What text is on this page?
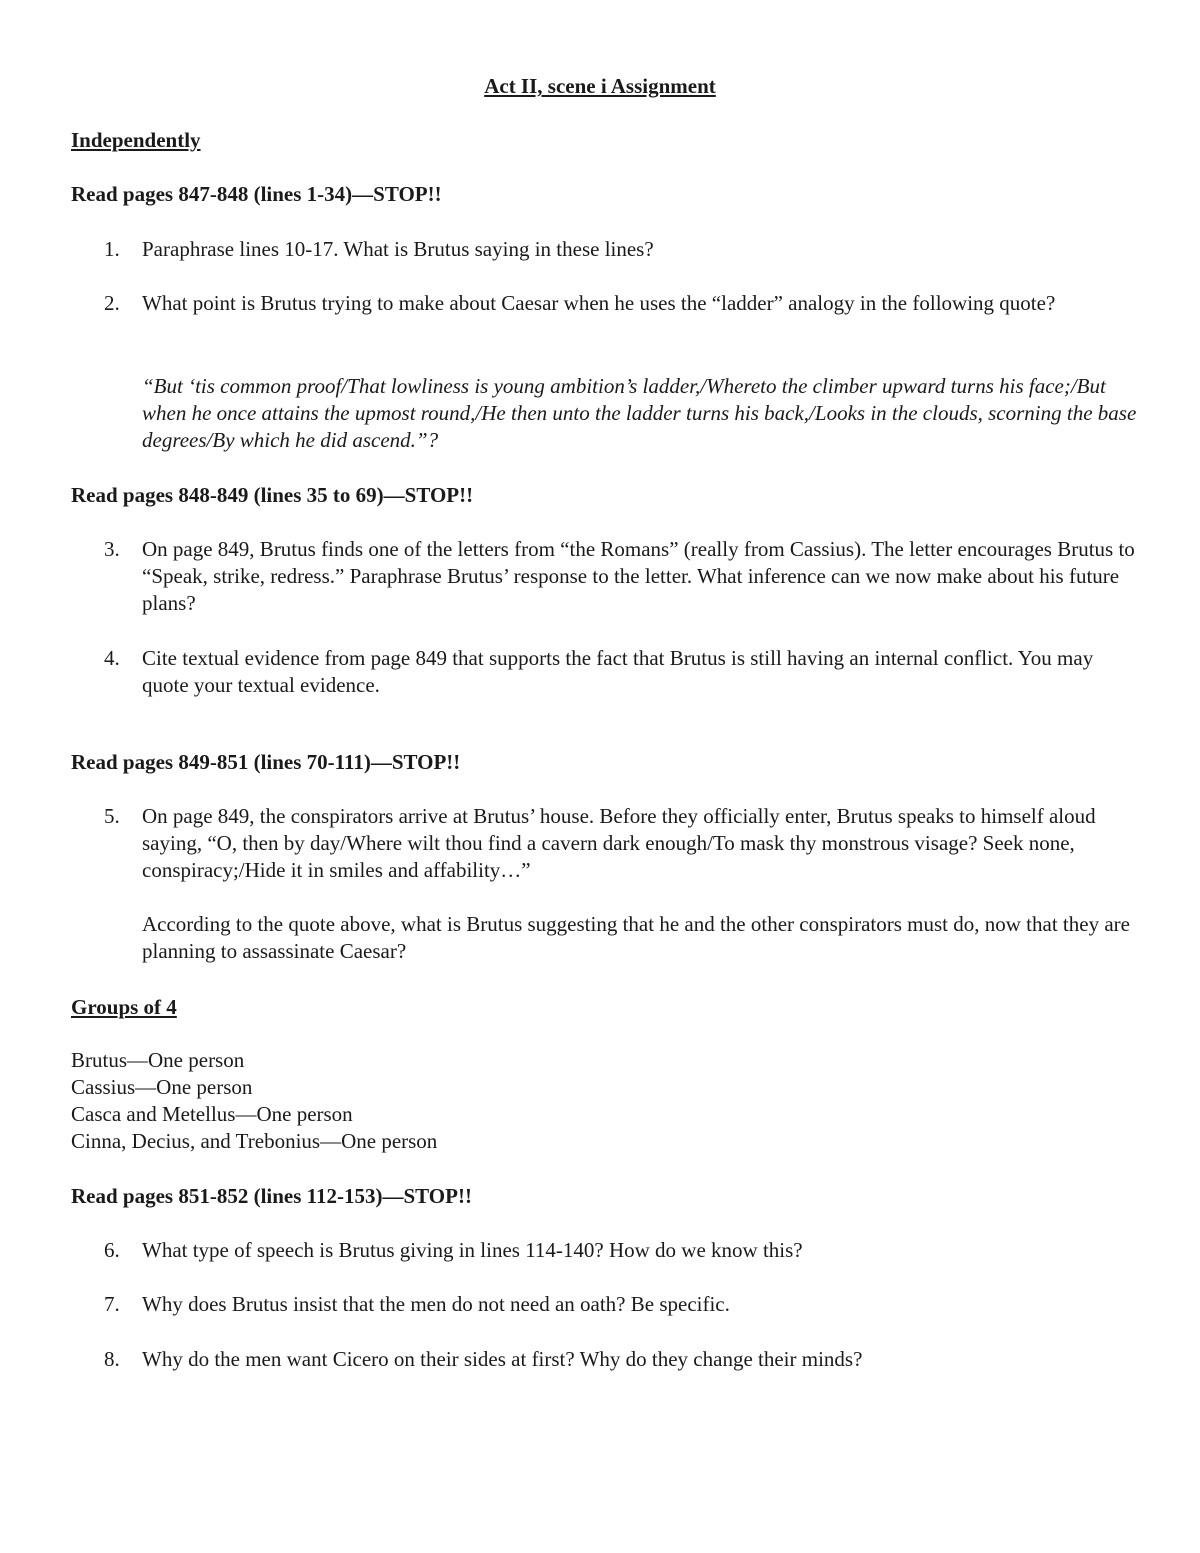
Act II, scene i Assignment
Independently
Read pages 847-848 (lines 1-34)—STOP!!
1.	Paraphrase lines 10-17. What is Brutus saying in these lines?
2.	What point is Brutus trying to make about Caesar when he uses the “ladder” analogy in the following quote?
“But ‘tis common proof/That lowliness is young ambition’s ladder,/Whereto the climber upward turns his face;/But when he once attains the upmost round,/He then unto the ladder turns his back,/Looks in the clouds, scorning the base degrees/By which he did ascend.”?
Read pages 848-849 (lines 35 to 69)—STOP!!
3.	On page 849, Brutus finds one of the letters from “the Romans” (really from Cassius). The letter encourages Brutus to “Speak, strike, redress.” Paraphrase Brutus’ response to the letter. What inference can we now make about his future plans?
4.	Cite textual evidence from page 849 that supports the fact that Brutus is still having an internal conflict. You may quote your textual evidence.
Read pages 849-851 (lines 70-111)—STOP!!
5.	On page 849, the conspirators arrive at Brutus’ house. Before they officially enter, Brutus speaks to himself aloud saying, “O, then by day/Where wilt thou find a cavern dark enough/To mask thy monstrous visage? Seek none, conspiracy;/Hide it in smiles and affability…”
According to the quote above, what is Brutus suggesting that he and the other conspirators must do, now that they are planning to assassinate Caesar?
Groups of 4
Brutus—One person
Cassius—One person
Casca and Metellus—One person
Cinna, Decius, and Trebonius—One person
Read pages 851-852 (lines 112-153)—STOP!!
6.	What type of speech is Brutus giving in lines 114-140? How do we know this?
7.	Why does Brutus insist that the men do not need an oath? Be specific.
8.	Why do the men want Cicero on their sides at first? Why do they change their minds?
